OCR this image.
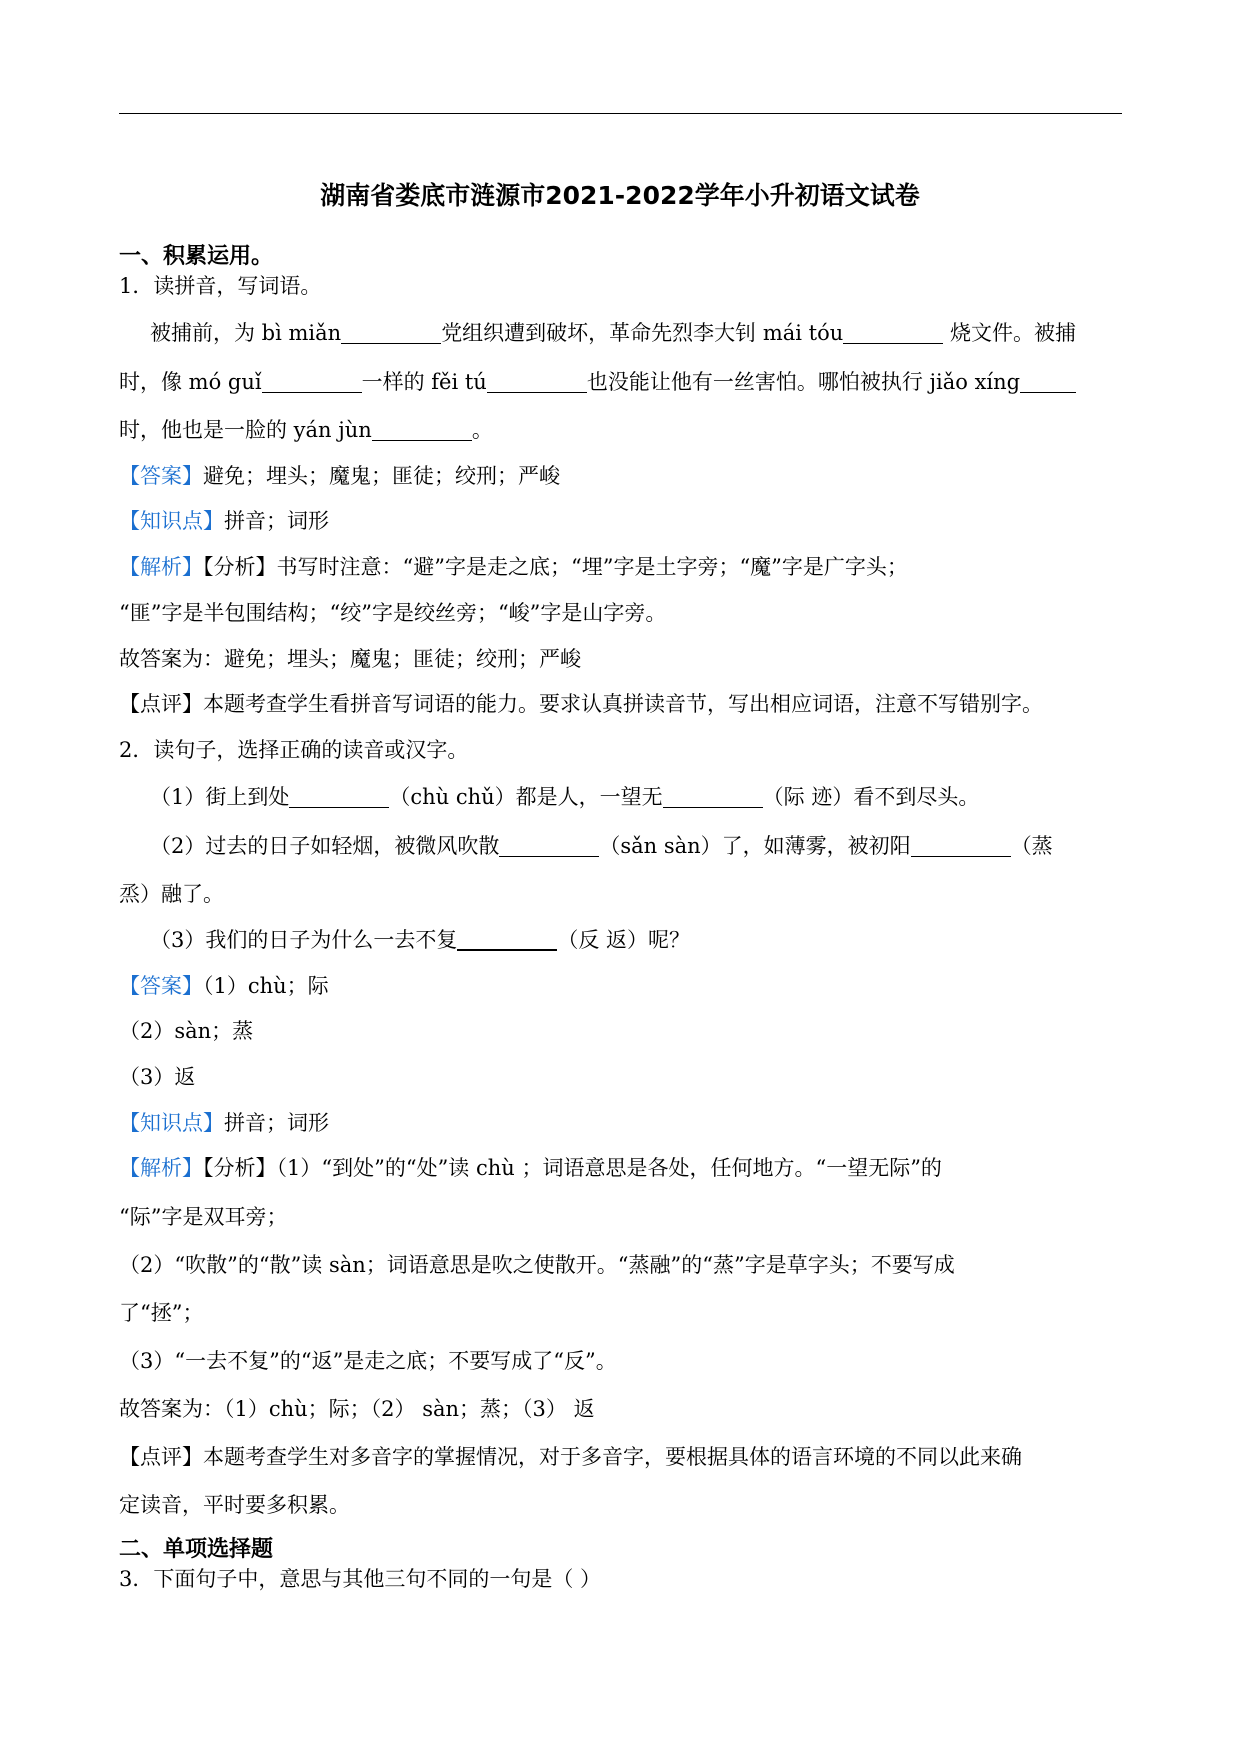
湖南省娄底市涟源市2021-2022学年小升初语文试卷
一、积累运用。
1．读拼音，写词语。
被捕前，为 bì miǎn	党组织遭到破坏，革命先烈李大钊 mái tóu	烧文件。被捕
时，像 mó guǐ	一样的 fěi tú	也没能让他有一丝害怕。哪怕被执行 jiǎo xíng
时，他也是一脸的 yán jùn	。
【答案】避免；埋头；魔鬼；匪徒；绞刑；严峻
【知识点】拼音；词形
【解析】【分析】书写时注意：“避”字是走之底；“埋”字是土字旁；“魔”字是广字头；
“匪”字是半包围结构；“绞”字是绞丝旁；“峻”字是山字旁。
故答案为：避免；埋头；魔鬼；匪徒；绞刑；严峻
【点评】本题考查学生看拼音写词语的能力。要求认真拼读音节，写出相应词语，注意不写错别字。
2．读句子，选择正确的读音或汉字。
（1）街上到处	（chù chǔ）都是人，一望无	（际 迹）看不到尽头。
（2）过去的日子如轻烟，被微风吹散	（sǎn sàn）了，如薄雾，被初阳	（蒸
烝）融了。
（3）我们的日子为什么一去不复	（反 返）呢？
【答案】（1）chù；际
（2）sàn；蒸
（3）返
【知识点】拼音；词形
【解析】【分析】（1）“到处”的“处”读 chù ；词语意思是各处，任何地方。“一望无际”的
“际”字是双耳旁；
（2）“吹散”的“散”读 sàn；词语意思是吹之使散开。“蒸融”的“蒸”字是草字头；不要写成
了“拯”；
（3）“一去不复”的“返”是走之底；不要写成了“反”。
故答案为：（1）chù；际；（2） sàn；蒸；（3） 返
【点评】本题考查学生对多音字的掌握情况，对于多音字，要根据具体的语言环境的不同以此来确
定读音，平时要多积累。
二、单项选择题
3．下面句子中，意思与其他三句不同的一句是（ ）
